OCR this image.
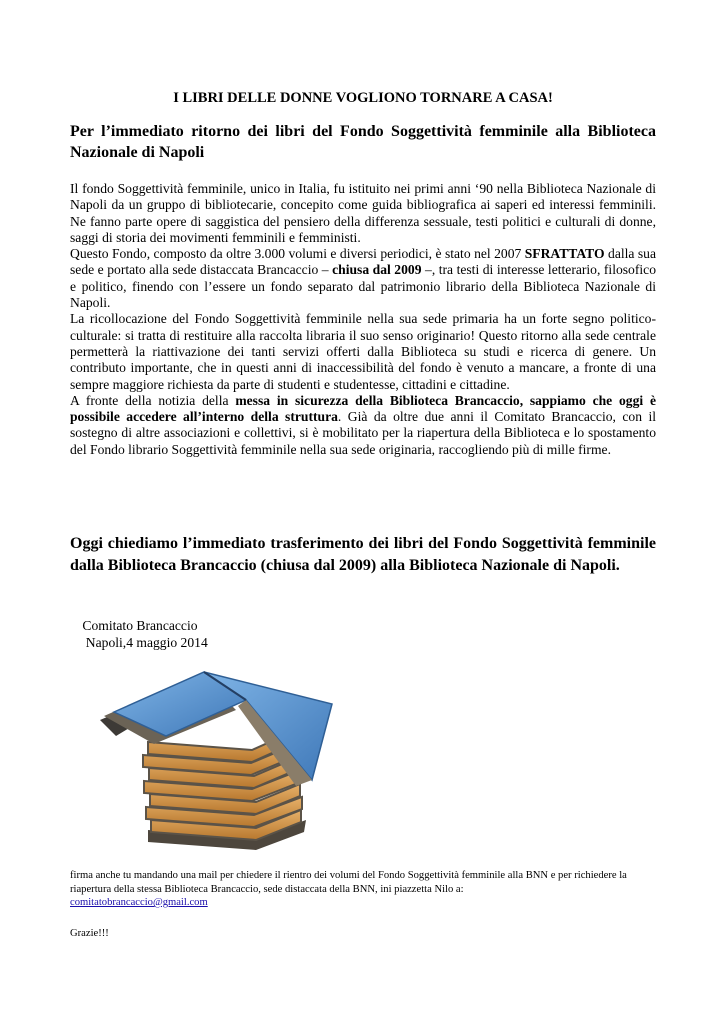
I LIBRI DELLE DONNE VOGLIONO TORNARE A CASA!
Per l’immediato ritorno dei libri del Fondo Soggettività femminile alla Biblioteca Nazionale di Napoli

Il fondo Soggettività femminile, unico in Italia, fu istituito nei primi anni ‘90 nella Biblioteca Nazionale di Napoli da un gruppo di bibliotecarie, concepito come guida bibliografica ai saperi ed interessi femminili. Ne fanno parte opere di saggistica del pensiero della differenza sessuale, testi politici e culturali di donne, saggi di storia dei movimenti femminili e femministi.

Questo Fondo, composto da oltre 3.000 volumi e diversi periodici, è stato nel 2007 SFRATTATO dalla sua sede e portato alla sede distaccata Brancaccio – chiusa dal 2009 –, tra testi di interesse letterario, filosofico e politico, finendo con l’essere un fondo separato dal patrimonio librario della Biblioteca Nazionale di Napoli.

La ricollocazione del Fondo Soggettività femminile nella sua sede primaria ha un forte segno politico-culturale: si tratta di restituire alla raccolta libraria il suo senso originario! Questo ritorno alla sede centrale permetterà la riattivazione dei tanti servizi offerti dalla Biblioteca su studi e ricerca di genere. Un contributo importante, che in questi anni di inaccessibilità del fondo è venuto a mancare, a fronte di una sempre maggiore richiesta da parte di studenti e studentesse, cittadini e cittadine.

A fronte della notizia della messa in sicurezza della Biblioteca Brancaccio, sappiamo che oggi è possibile accedere all’interno della struttura. Già da oltre due anni il Comitato Brancaccio, con il sostegno di altre associazioni e collettivi, si è mobilitato per la riapertura della Biblioteca e lo spostamento del Fondo librario Soggettività femminile nella sua sede originaria, raccogliendo più di mille firme.

Oggi chiediamo l’immediato trasferimento dei libri del Fondo Soggettività femminile dalla Biblioteca Brancaccio (chiusa dal 2009) alla Biblioteca Nazionale di Napoli.
Comitato Brancaccio
Napoli,4 maggio 2014
firma anche tu mandando una mail per chiedere il rientro dei volumi del Fondo Soggettività femminile alla BNN e per richiedere la riapertura della stessa Biblioteca Brancaccio, sede distaccata della BNN, ini piazzetta Nilo a:
comitatobrancaccio@gmail.com
Grazie!!!
